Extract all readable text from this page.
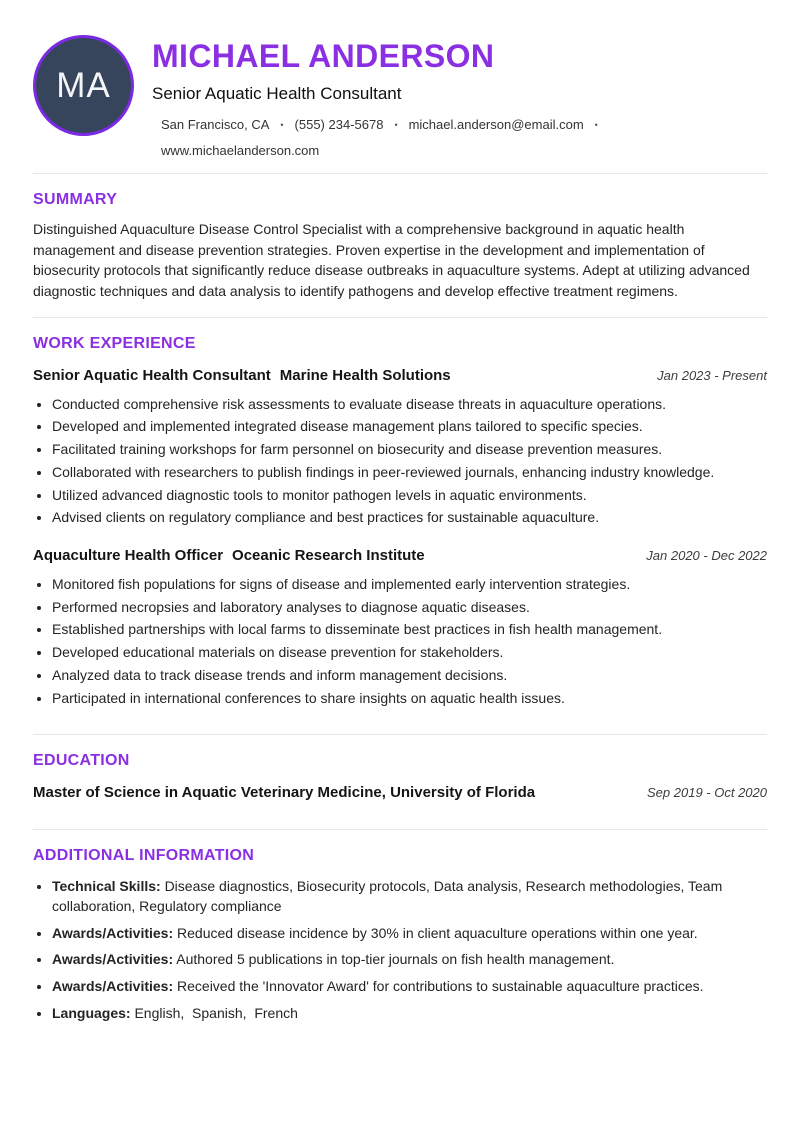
MA
MICHAEL ANDERSON
Senior Aquatic Health Consultant
San Francisco, CA • (555) 234-5678 • michael.anderson@email.com •
www.michaelanderson.com
SUMMARY

Distinguished Aquaculture Disease Control Specialist with a comprehensive background in aquatic health management and disease prevention strategies. Proven expertise in the development and implementation of biosecurity protocols that significantly reduce disease outbreaks in aquaculture systems. Adept at utilizing advanced diagnostic techniques and data analysis to identify pathogens and develop effective treatment regimens.

WORK EXPERIENCE
Senior Aquatic Health Consultant Marine Health Solutions	Jan 2023 - Present
• Conducted comprehensive risk assessments to evaluate disease threats in aquaculture operations.
• Developed and implemented integrated disease management plans tailored to specific species.
• Facilitated training workshops for farm personnel on biosecurity and disease prevention measures.
• Collaborated with researchers to publish findings in peer-reviewed journals, enhancing industry knowledge.
• Utilized advanced diagnostic tools to monitor pathogen levels in aquatic environments.
• Advised clients on regulatory compliance and best practices for sustainable aquaculture.
Aquaculture Health Officer Oceanic Research Institute	Jan 2020 - Dec 2022
• Monitored fish populations for signs of disease and implemented early intervention strategies.
• Performed necropsies and laboratory analyses to diagnose aquatic diseases.
• Established partnerships with local farms to disseminate best practices in fish health management.
• Developed educational materials on disease prevention for stakeholders.
• Analyzed data to track disease trends and inform management decisions.
• Participated in international conferences to share insights on aquatic health issues.
EDUCATION
Master of Science in Aquatic Veterinary Medicine, University of Florida	Sep 2019 - Oct 2020
ADDITIONAL INFORMATION
• Technical Skills: Disease diagnostics, Biosecurity protocols, Data analysis, Research methodologies, Team collaboration, Regulatory compliance
• Awards/Activities: Reduced disease incidence by 30% in client aquaculture operations within one year.
• Awards/Activities: Authored 5 publications in top-tier journals on fish health management.
• Awards/Activities: Received the 'Innovator Award' for contributions to sustainable aquaculture practices.
• Languages: English,  Spanish,  French
